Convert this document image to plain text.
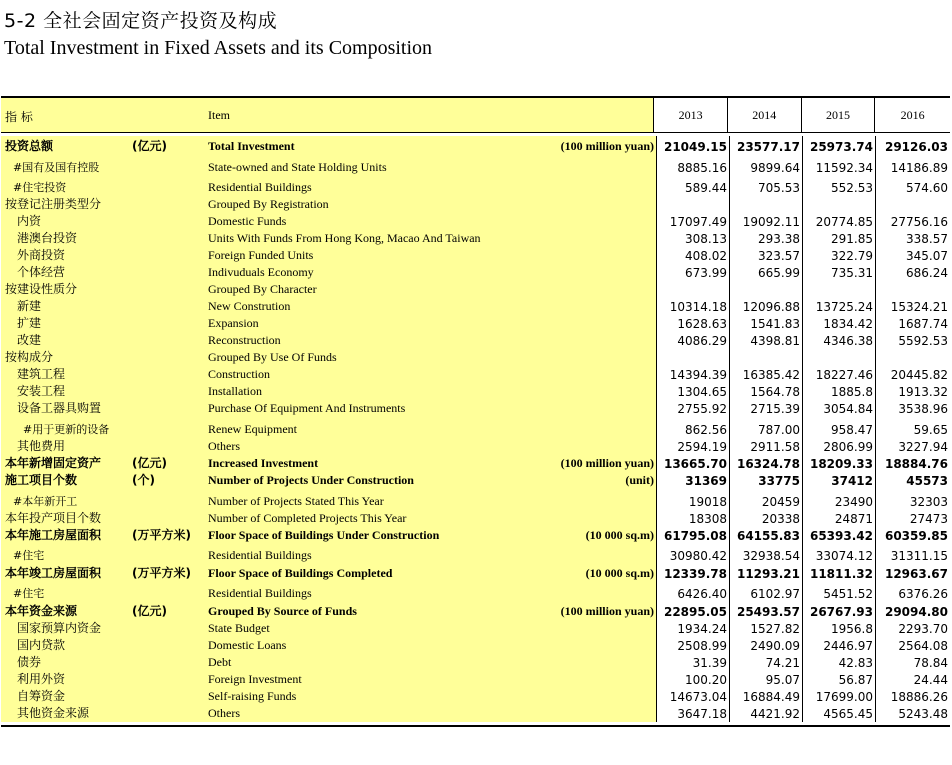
5-2 全社会固定资产投资及构成
Total Investment in Fixed Assets and its Composition
指 标	Item	2013	2014	2015	2016
投资总额	(亿元)	Total Investment	(100 million yuan) 21049.15 23577.17 25973.74 29126.03
#国有及国有控股	State-owned and State Holding Units	8885.16	9899.64	11592.34	14186.89
#住宅投资	Residential Buildings	589.44	705.53	552.53	574.60
按登记注册类型分	Grouped By Registration
内资	Domestic Funds	17097.49	19092.11	20774.85	27756.16
港澳台投资	Units With Funds From Hong Kong, Macao And Taiwan	308.13	293.38	291.85	338.57
外商投资	Foreign Funded Units	408.02	323.57	322.79	345.07
个体经营	Indivuduals Economy	673.99	665.99	735.31	686.24
按建设性质分	Grouped By Character
新建	New Constrution	10314.18	12096.88	13725.24	15324.21
扩建	Expansion	1628.63	1541.83	1834.42	1687.74
改建	Reconstruction	4086.29	4398.81	4346.38	5592.53
按构成分	Grouped By Use Of Funds
建筑工程	Construction	14394.39	16385.42	18227.46	20445.82
安装工程	Installation	1304.65	1564.78	1885.8	1913.32
设备工器具购置	Purchase Of Equipment And Instruments	2755.92	2715.39	3054.84	3538.96
#用于更新的设备	Renew Equipment	862.56	787.00	958.47	59.65
其他费用	Others	2594.19	2911.58	2806.99	3227.94
本年新增固定资产	(亿元)	Increased Investment	(100 million yuan) 13665.70 16324.78 18209.33 18884.76
施工项目个数	(个)	Number of Projects Under Construction	(unit)	31369	33775	37412	45573
#本年新开工	Number of Projects Stated This Year	19018	20459	23490	32303
本年投产项目个数	Number of Completed Projects This Year	18308	20338	24871	27473
本年施工房屋面积	(万平方米) Floor Space of Buildings Under Construction	(10 000 sq.m) 61795.08 64155.83 65393.42 60359.85
#住宅	Residential Buildings	30980.42	32938.54	33074.12	31311.15
本年竣工房屋面积	(万平方米) Floor Space of Buildings Completed	(10 000 sq.m) 12339.78 11293.21 11811.32 12963.67
#住宅	Residential Buildings	6426.40	6102.97	5451.52	6376.26
本年资金来源	(亿元)	Grouped By Source of Funds	(100 million yuan) 22895.05 25493.57 26767.93 29094.80
国家预算内资金	State Budget	1934.24	1527.82	1956.8	2293.70
国内贷款	Domestic Loans	2508.99	2490.09	2446.97	2564.08
债券	Debt	31.39	74.21	42.83	78.84
利用外资	Foreign Investment	100.20	95.07	56.87	24.44
自筹资金	Self-raising Funds	14673.04	16884.49	17699.00	18886.26
其他资金来源	Others	3647.18	4421.92	4565.45	5243.48
